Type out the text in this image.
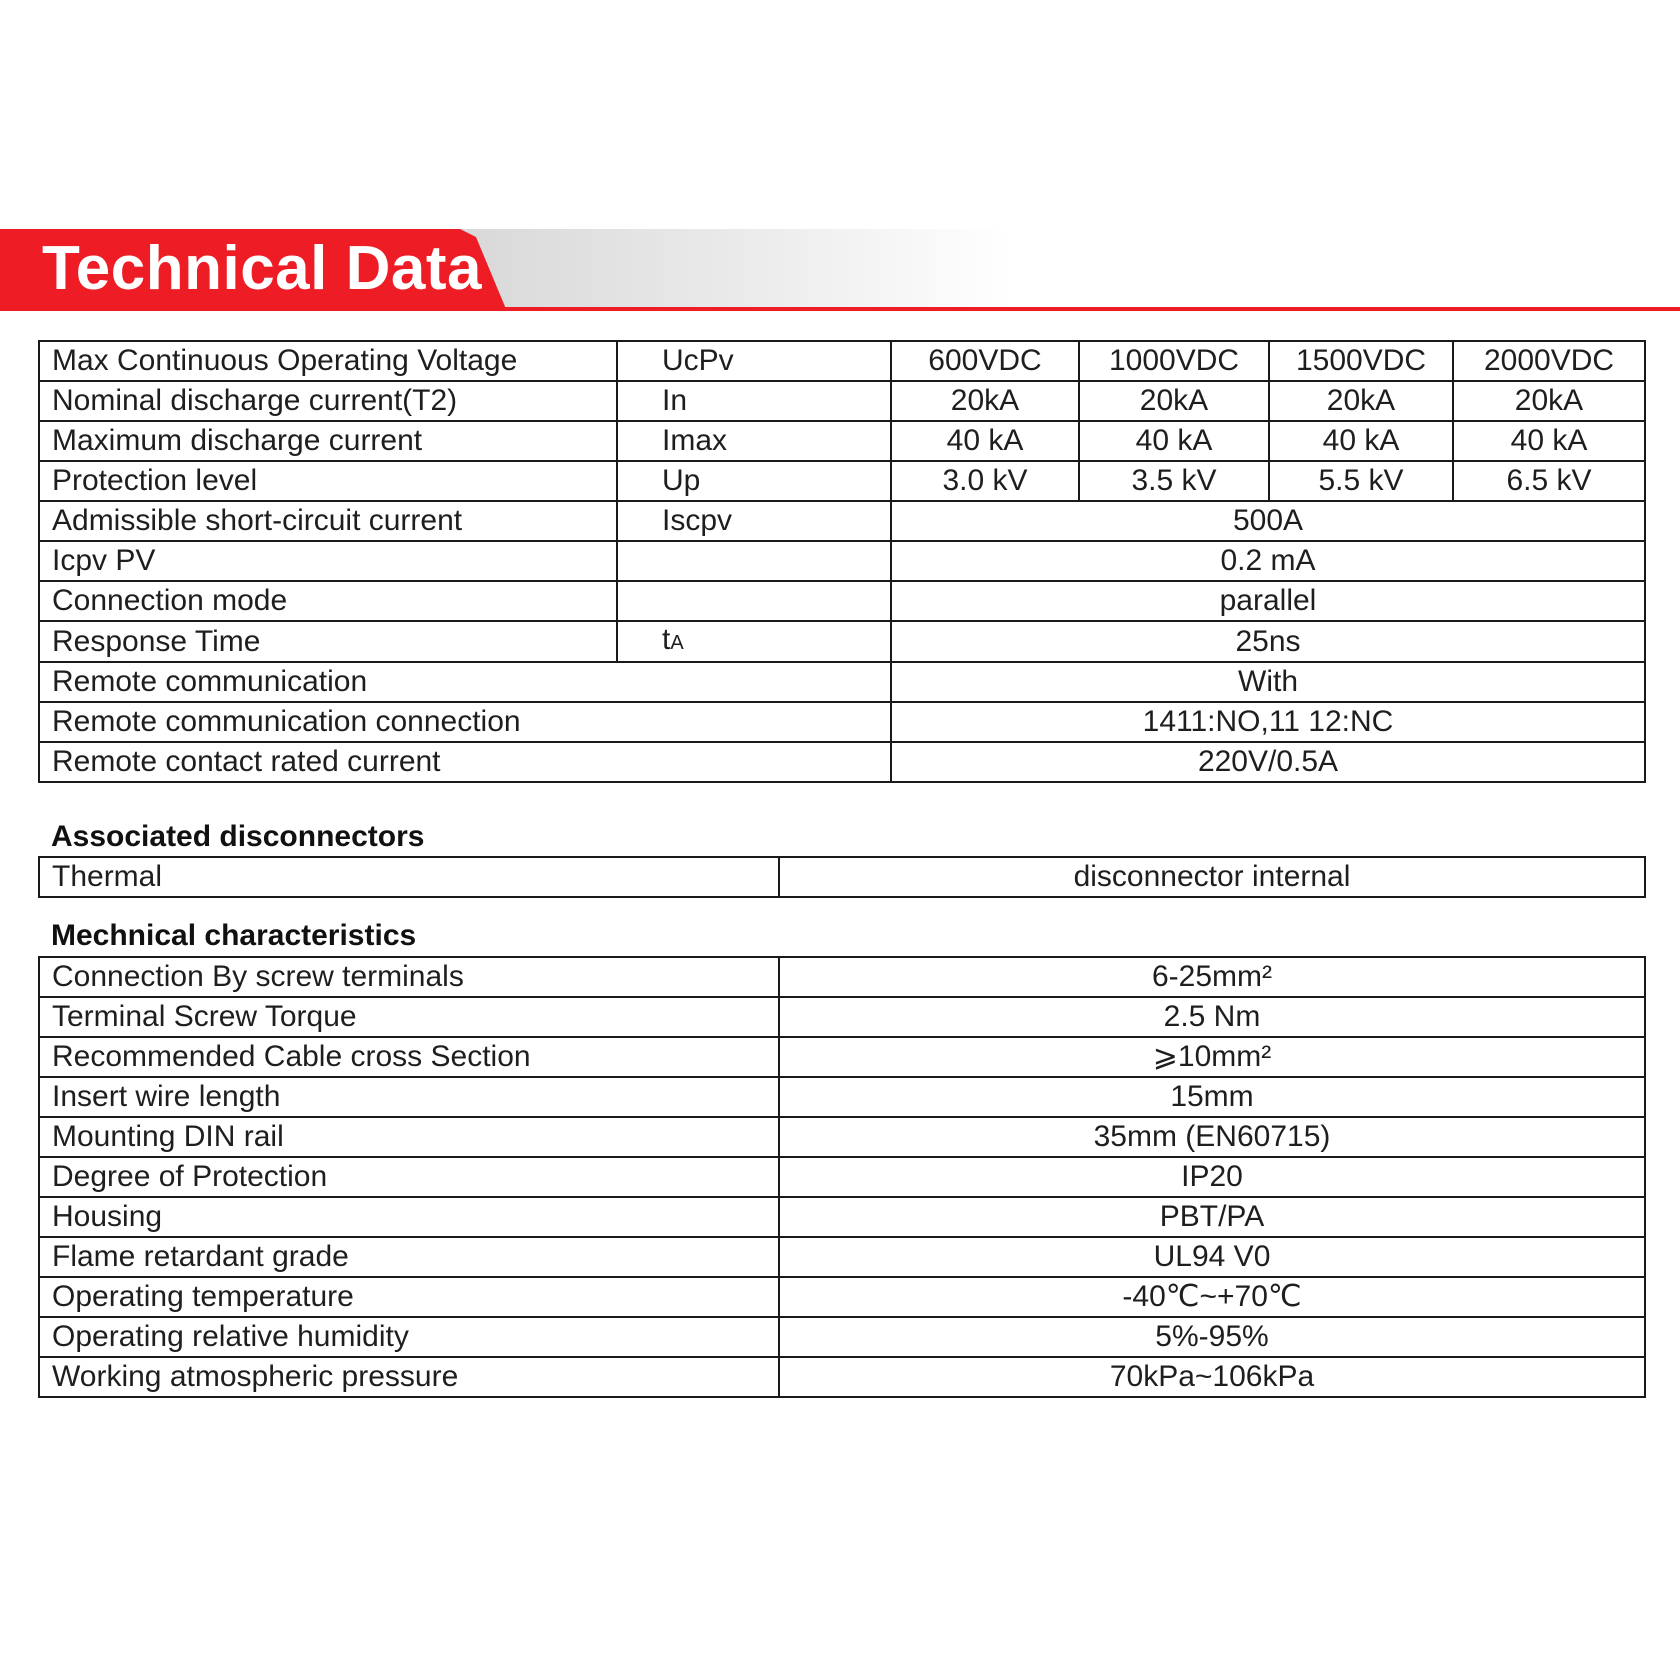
Technical Data
Max Continuous Operating Voltage	UcPv	600VDC	1000VDC	1500VDC	2000VDC
Nominal discharge current(T2)	In	20kA	20kA	20kA	20kA
Maximum discharge current	Imax	40 kA	40 kA	40 kA	40 kA
Protection level	Up	3.0 kV	3.5 kV	5.5 kV	6.5 kV
Admissible short-circuit current	Iscpv	500A			
Icpv PV		0.2 mA			
Connection mode		parallel			
Response Time	tA	25ns			
Remote communication		With			
Remote communication connection		1411:NO,11 12:NC			
Remote contact rated current		220V/0.5A			
Associated disconnectors
Thermal	disconnector internal
Mechnical characteristics
Connection By screw terminals	6-25mm²
Terminal Screw Torque	2.5 Nm
Recommended Cable cross Section	⩾10mm²
Insert wire length	15mm
Mounting DIN rail	35mm (EN60715)
Degree of Protection	IP20
Housing	PBT/PA
Flame retardant grade	UL94 V0
Operating temperature	-40℃~+70℃
Operating relative humidity	5%-95%
Working atmospheric pressure	70kPa~106kPa
